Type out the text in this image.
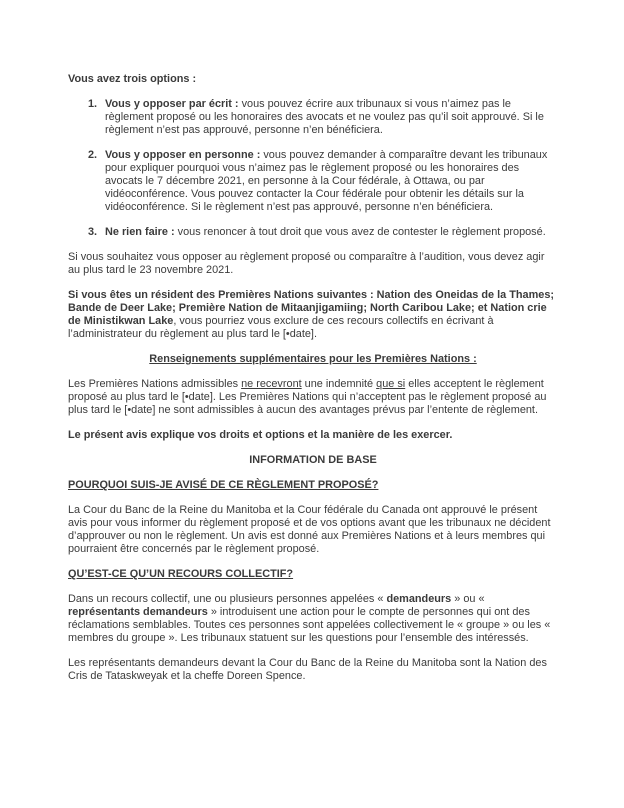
Vous avez trois options :

1. Vous y opposer par écrit : vous pouvez écrire aux tribunaux si vous n’aimez pas le règlement proposé ou les honoraires des avocats et ne voulez pas qu’il soit approuvé. Si le règlement n’est pas approuvé, personne n’en bénéficiera.
2. Vous y opposer en personne : vous pouvez demander à comparaître devant les tribunaux pour expliquer pourquoi vous n’aimez pas le règlement proposé ou les honoraires des avocats le 7 décembre 2021, en personne à la Cour fédérale, à Ottawa, ou par vidéoconférence. Vous pouvez contacter la Cour fédérale pour obtenir les détails sur la vidéoconférence. Si le règlement n’est pas approuvé, personne n’en bénéficiera.
3. Ne rien faire : vous renoncer à tout droit que vous avez de contester le règlement proposé.

Si vous souhaitez vous opposer au règlement proposé ou comparaître à l’audition, vous devez agir au plus tard le 23 novembre 2021.

Si vous êtes un résident des Premières Nations suivantes : Nation des Oneidas de la Thames; Bande de Deer Lake; Première Nation de Mitaanjigamiing; North Caribou Lake; et Nation crie de Ministikwan Lake, vous pourriez vous exclure de ces recours collectifs en écrivant à l’administrateur du règlement au plus tard le [•date].

Renseignements supplémentaires pour les Premières Nations :

Les Premières Nations admissibles ne recevront une indemnité que si elles acceptent le règlement proposé au plus tard le [•date]. Les Premières Nations qui n’acceptent pas le règlement proposé au plus tard le [•date] ne sont admissibles à aucun des avantages prévus par l’entente de règlement.

Le présent avis explique vos droits et options et la manière de les exercer.

INFORMATION DE BASE

POURQUOI SUIS-JE AVISÉ DE CE RÈGLEMENT PROPOSÉ?

La Cour du Banc de la Reine du Manitoba et la Cour fédérale du Canada ont approuvé le présent avis pour vous informer du règlement proposé et de vos options avant que les tribunaux ne décident d’approuver ou non le règlement. Un avis est donné aux Premières Nations et à leurs membres qui pourraient être concernés par le règlement proposé.

QU’EST-CE QU’UN RECOURS COLLECTIF?

Dans un recours collectif, une ou plusieurs personnes appelées « demandeurs » ou « représentants demandeurs » introduisent une action pour le compte de personnes qui ont des réclamations semblables. Toutes ces personnes sont appelées collectivement le « groupe » ou les « membres du groupe ». Les tribunaux statuent sur les questions pour l’ensemble des intéressés.

Les représentants demandeurs devant la Cour du Banc de la Reine du Manitoba sont la Nation des Cris de Tataskweyak et la cheffe Doreen Spence.
